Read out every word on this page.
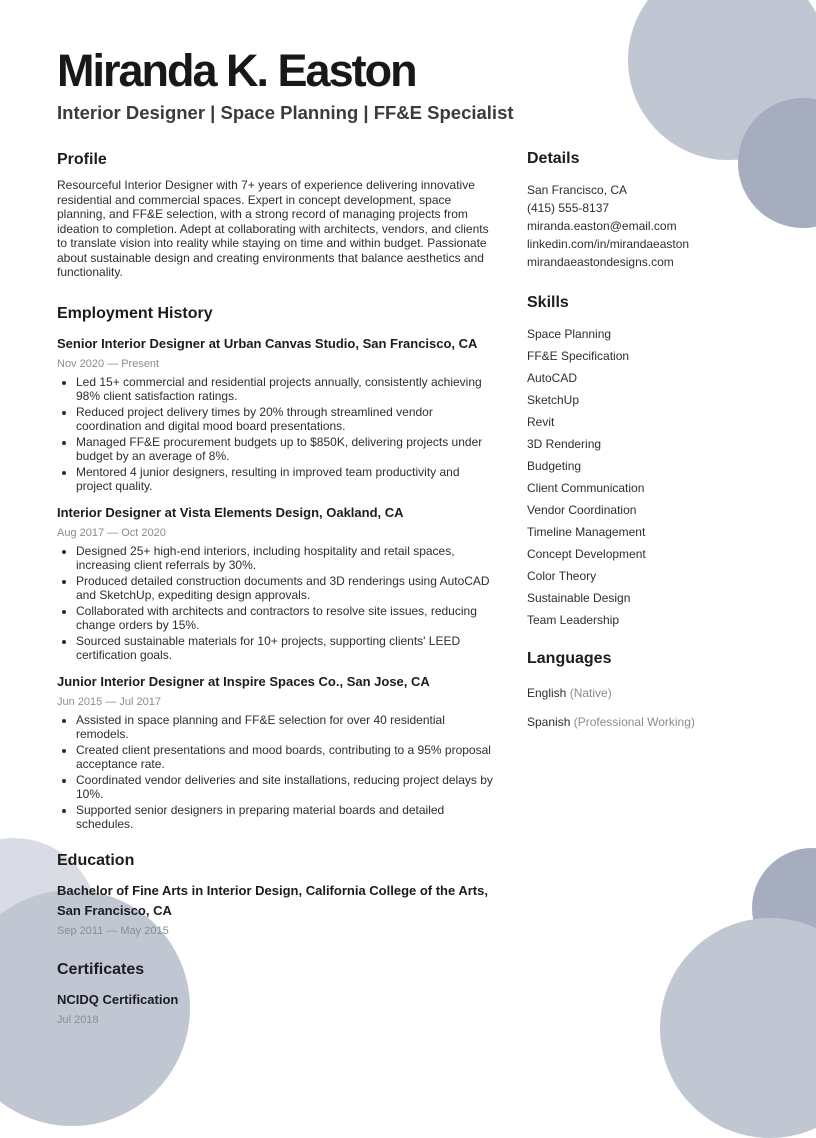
Miranda K. Easton
Interior Designer | Space Planning | FF&E Specialist
Profile

Resourceful Interior Designer with 7+ years of experience delivering innovative residential and commercial spaces. Expert in concept development, space planning, and FF&E selection, with a strong record of managing projects from ideation to completion. Adept at collaborating with architects, vendors, and clients to translate vision into reality while staying on time and within budget. Passionate about sustainable design and creating environments that balance aesthetics and functionality.

Employment History
Senior Interior Designer at Urban Canvas Studio, San Francisco, CA
Nov 2020 — Present
• Led 15+ commercial and residential projects annually, consistently achieving 98% client satisfaction ratings.
• Reduced project delivery times by 20% through streamlined vendor coordination and digital mood board presentations.
• Managed FF&E procurement budgets up to $850K, delivering projects under budget by an average of 8%.
• Mentored 4 junior designers, resulting in improved team productivity and project quality.
Interior Designer at Vista Elements Design, Oakland, CA
Aug 2017 — Oct 2020
• Designed 25+ high-end interiors, including hospitality and retail spaces, increasing client referrals by 30%.
• Produced detailed construction documents and 3D renderings using AutoCAD and SketchUp, expediting design approvals.
• Collaborated with architects and contractors to resolve site issues, reducing change orders by 15%.
• Sourced sustainable materials for 10+ projects, supporting clients' LEED certification goals.
Junior Interior Designer at Inspire Spaces Co., San Jose, CA
Jun 2015 — Jul 2017
• Assisted in space planning and FF&E selection for over 40 residential remodels.
• Created client presentations and mood boards, contributing to a 95% proposal acceptance rate.
• Coordinated vendor deliveries and site installations, reducing project delays by 10%.
• Supported senior designers in preparing material boards and detailed schedules.
Education
Bachelor of Fine Arts in Interior Design, California College of the Arts, San Francisco, CA
Sep 2011 — May 2015
Certificates
NCIDQ Certification
Jul 2018
Details
San Francisco, CA
(415) 555-8137
miranda.easton@email.com
linkedin.com/in/mirandaeaston
mirandaeastondesigns.com
Skills
Space Planning
FF&E Specification
AutoCAD
SketchUp
Revit
3D Rendering
Budgeting
Client Communication
Vendor Coordination
Timeline Management
Concept Development
Color Theory
Sustainable Design
Team Leadership
Languages
English (Native)
Spanish (Professional Working)
